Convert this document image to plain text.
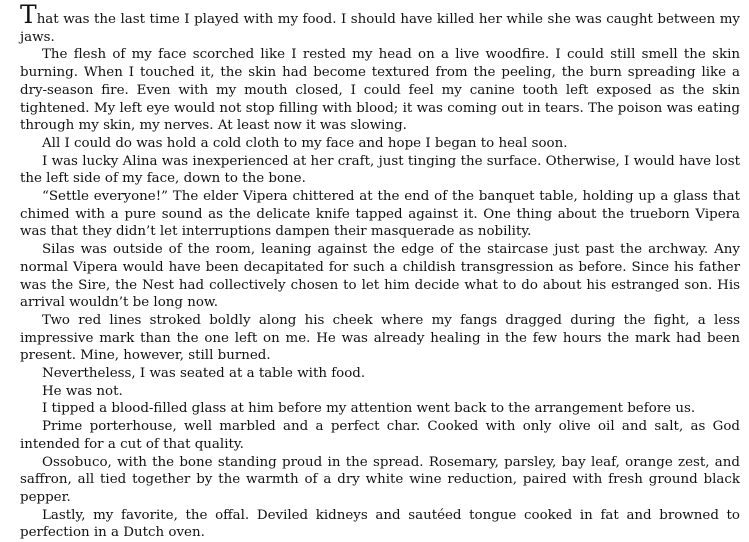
That was the last time I played with my food. I should have killed her while she was caught between my jaws.

The flesh of my face scorched like I rested my head on a live woodfire. I could still smell the skin burning. When I touched it, the skin had become textured from the peeling, the burn spreading like a dry-season fire. Even with my mouth closed, I could feel my canine tooth left exposed as the skin tightened. My left eye would not stop filling with blood; it was coming out in tears. The poison was eating through my skin, my nerves. At least now it was slowing.

All I could do was hold a cold cloth to my face and hope I began to heal soon.

I was lucky Alina was inexperienced at her craft, just tinging the surface. Otherwise, I would have lost the left side of my face, down to the bone.

“Settle everyone!” The elder Vipera chittered at the end of the banquet table, holding up a glass that chimed with a pure sound as the delicate knife tapped against it. One thing about the trueborn Vipera was that they didn’t let interruptions dampen their masquerade as nobility.

Silas was outside of the room, leaning against the edge of the staircase just past the archway. Any normal Vipera would have been decapitated for such a childish transgression as before. Since his father was the Sire, the Nest had collectively chosen to let him decide what to do about his estranged son. His arrival wouldn’t be long now.

Two red lines stroked boldly along his cheek where my fangs dragged during the fight, a less impressive mark than the one left on me. He was already healing in the few hours the mark had been present. Mine, however, still burned.

Nevertheless, I was seated at a table with food.

He was not.

I tipped a blood-filled glass at him before my attention went back to the arrangement before us.

Prime porterhouse, well marbled and a perfect char. Cooked with only olive oil and salt, as God intended for a cut of that quality.

Ossobuco, with the bone standing proud in the spread. Rosemary, parsley, bay leaf, orange zest, and saffron, all tied together by the warmth of a dry white wine reduction, paired with fresh ground black pepper.

Lastly, my favorite, the offal. Deviled kidneys and sautéed tongue cooked in fat and browned to perfection in a Dutch oven.
